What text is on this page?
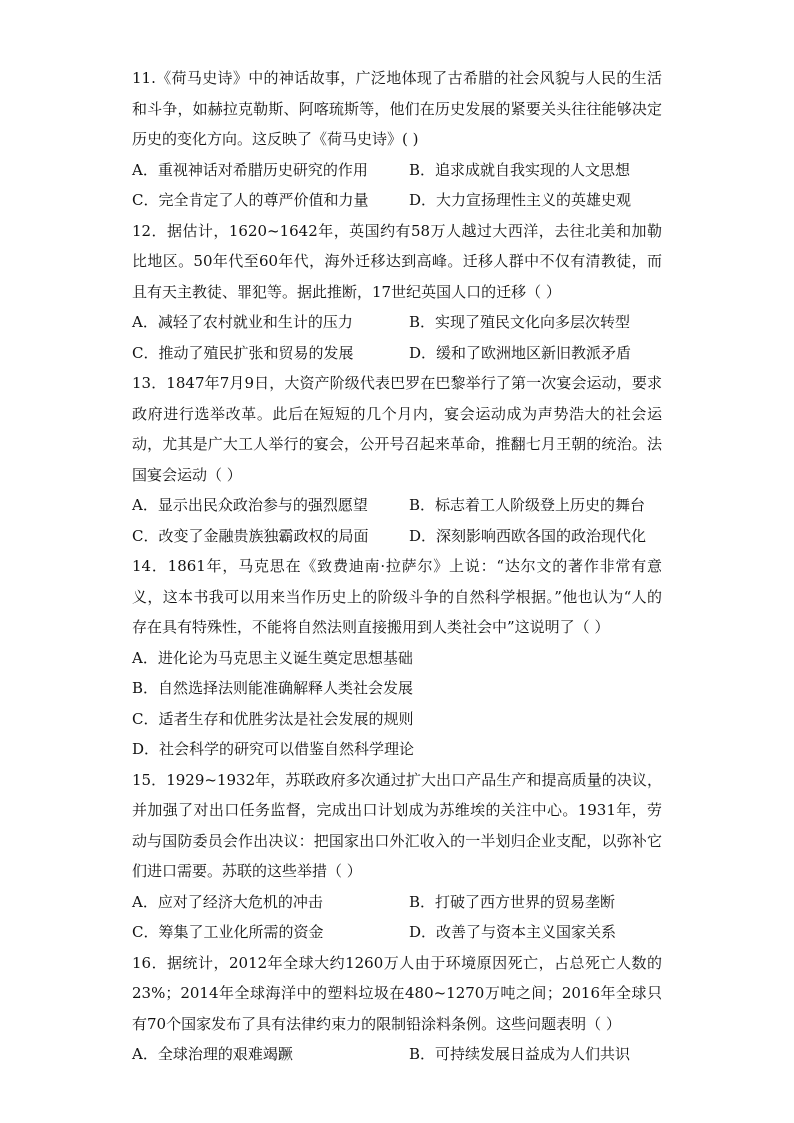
11.《荷马史诗》中的神话故事，广泛地体现了古希腊的社会风貌与人民的生活和斗争，如赫拉克勒斯、阿喀琉斯等，他们在历史发展的紧要关头往往能够决定历史的变化方向。这反映了《荷马史诗》( )

A．重视神话对希腊历史研究的作用	B．追求成就自我实现的人文思想
C．完全肯定了人的尊严价值和力量	D．大力宣扬理性主义的英雄史观

12．据估计，1620~1642年，英国约有58万人越过大西洋，去往北美和加勒比地区。50年代至60年代，海外迁移达到高峰。迁移人群中不仅有清教徒，而且有天主教徒、罪犯等。据此推断，17世纪英国人口的迁移（ ）

A．减轻了农村就业和生计的压力	B．实现了殖民文化向多层次转型
C．推动了殖民扩张和贸易的发展	D．缓和了欧洲地区新旧教派矛盾

13．1847年7月9日，大资产阶级代表巴罗在巴黎举行了第一次宴会运动，要求政府进行选举改革。此后在短短的几个月内，宴会运动成为声势浩大的社会运动，尤其是广大工人举行的宴会，公开号召起来革命，推翻七月王朝的统治。法国宴会运动（ ）

A．显示出民众政治参与的强烈愿望	B．标志着工人阶级登上历史的舞台
C．改变了金融贵族独霸政权的局面	D．深刻影响西欧各国的政治现代化

14．1861年，马克思在《致费迪南·拉萨尔》上说：“达尔文的著作非常有意义，这本书我可以用来当作历史上的阶级斗争的自然科学根据。”他也认为“人的存在具有特殊性，不能将自然法则直接搬用到人类社会中”这说明了（ ）

A．进化论为马克思主义诞生奠定思想基础
B．自然选择法则能准确解释人类社会发展
C．适者生存和优胜劣汰是社会发展的规则
D．社会科学的研究可以借鉴自然科学理论

15．1929~1932年，苏联政府多次通过扩大出口产品生产和提高质量的决议，并加强了对出口任务监督，完成出口计划成为苏维埃的关注中心。1931年，劳动与国防委员会作出决议：把国家出口外汇收入的一半划归企业支配，以弥补它们进口需要。苏联的这些举措（ ）

A．应对了经济大危机的冲击	B．打破了西方世界的贸易垄断
C．筹集了工业化所需的资金	D．改善了与资本主义国家关系

16．据统计，2012年全球大约1260万人由于环境原因死亡，占总死亡人数的23%；2014年全球海洋中的塑料垃圾在480~1270万吨之间；2016年全球只有70个国家发布了具有法律约束力的限制铅涂料条例。这些问题表明（ ）

A．全球治理的艰难竭蹶	B．可持续发展日益成为人们共识
